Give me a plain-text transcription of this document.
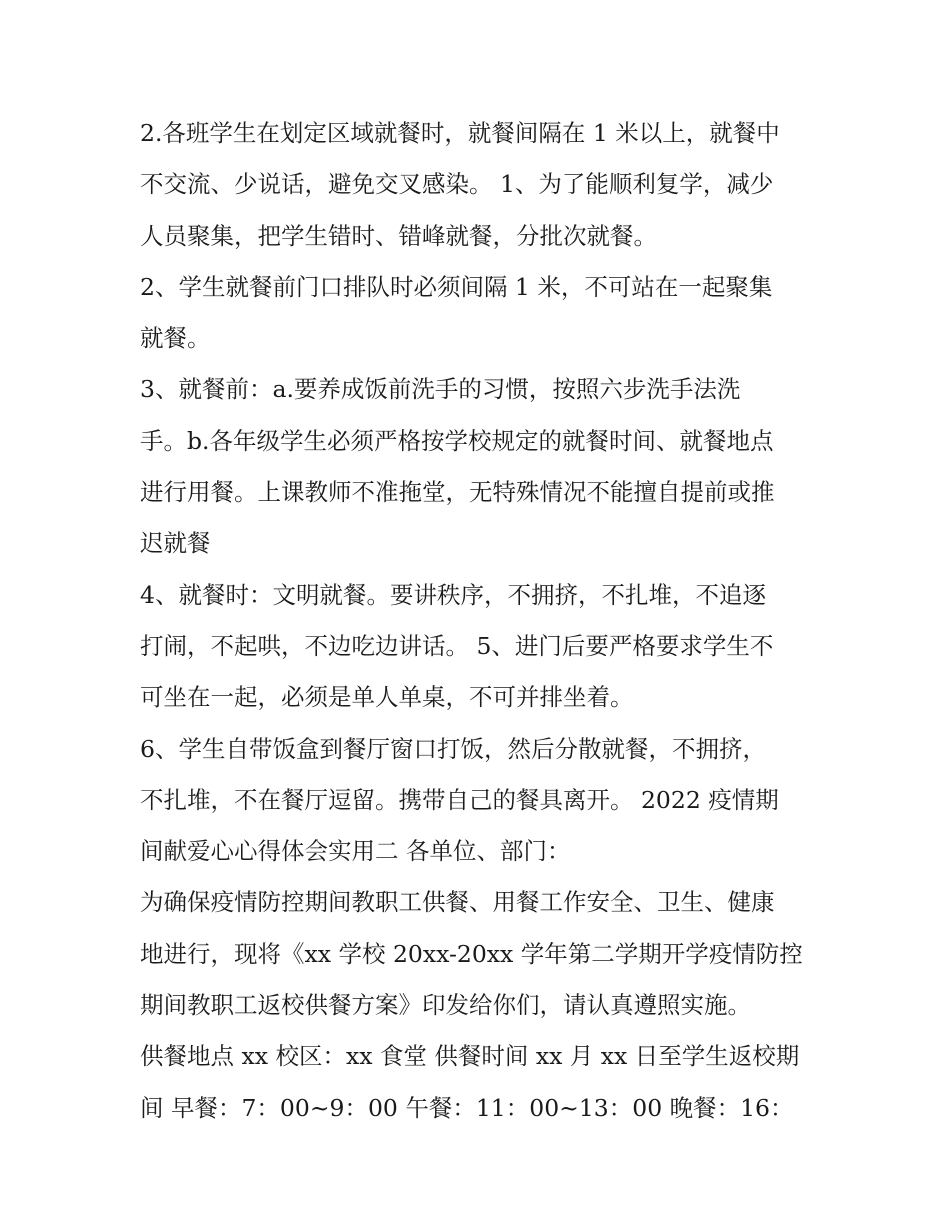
2.各班学生在划定区域就餐时，就餐间隔在 1 米以上，就餐中
不交流、少说话，避免交叉感染。 1、为了能顺利复学，减少
人员聚集，把学生错时、错峰就餐，分批次就餐。
2、学生就餐前门口排队时必须间隔 1 米，不可站在一起聚集
就餐。
3、就餐前：a.要养成饭前洗手的习惯，按照六步洗手法洗
手。b.各年级学生必须严格按学校规定的就餐时间、就餐地点
进行用餐。上课教师不准拖堂，无特殊情况不能擅自提前或推
迟就餐
4、就餐时：文明就餐。要讲秩序，不拥挤，不扎堆，不追逐
打闹，不起哄，不边吃边讲话。 5、进门后要严格要求学生不
可坐在一起，必须是单人单桌，不可并排坐着。
6、学生自带饭盒到餐厅窗口打饭，然后分散就餐，不拥挤，
不扎堆，不在餐厅逗留。携带自己的餐具离开。 2022 疫情期
间献爱心心得体会实用二 各单位、部门：
为确保疫情防控期间教职工供餐、用餐工作安全、卫生、健康
地进行，现将《xx 学校 20xx-20xx 学年第二学期开学疫情防控
期间教职工返校供餐方案》印发给你们，请认真遵照实施。
供餐地点 xx 校区：xx 食堂 供餐时间 xx 月 xx 日至学生返校期
间 早餐：7：00~9：00 午餐：11：00~13：00 晚餐：16：
